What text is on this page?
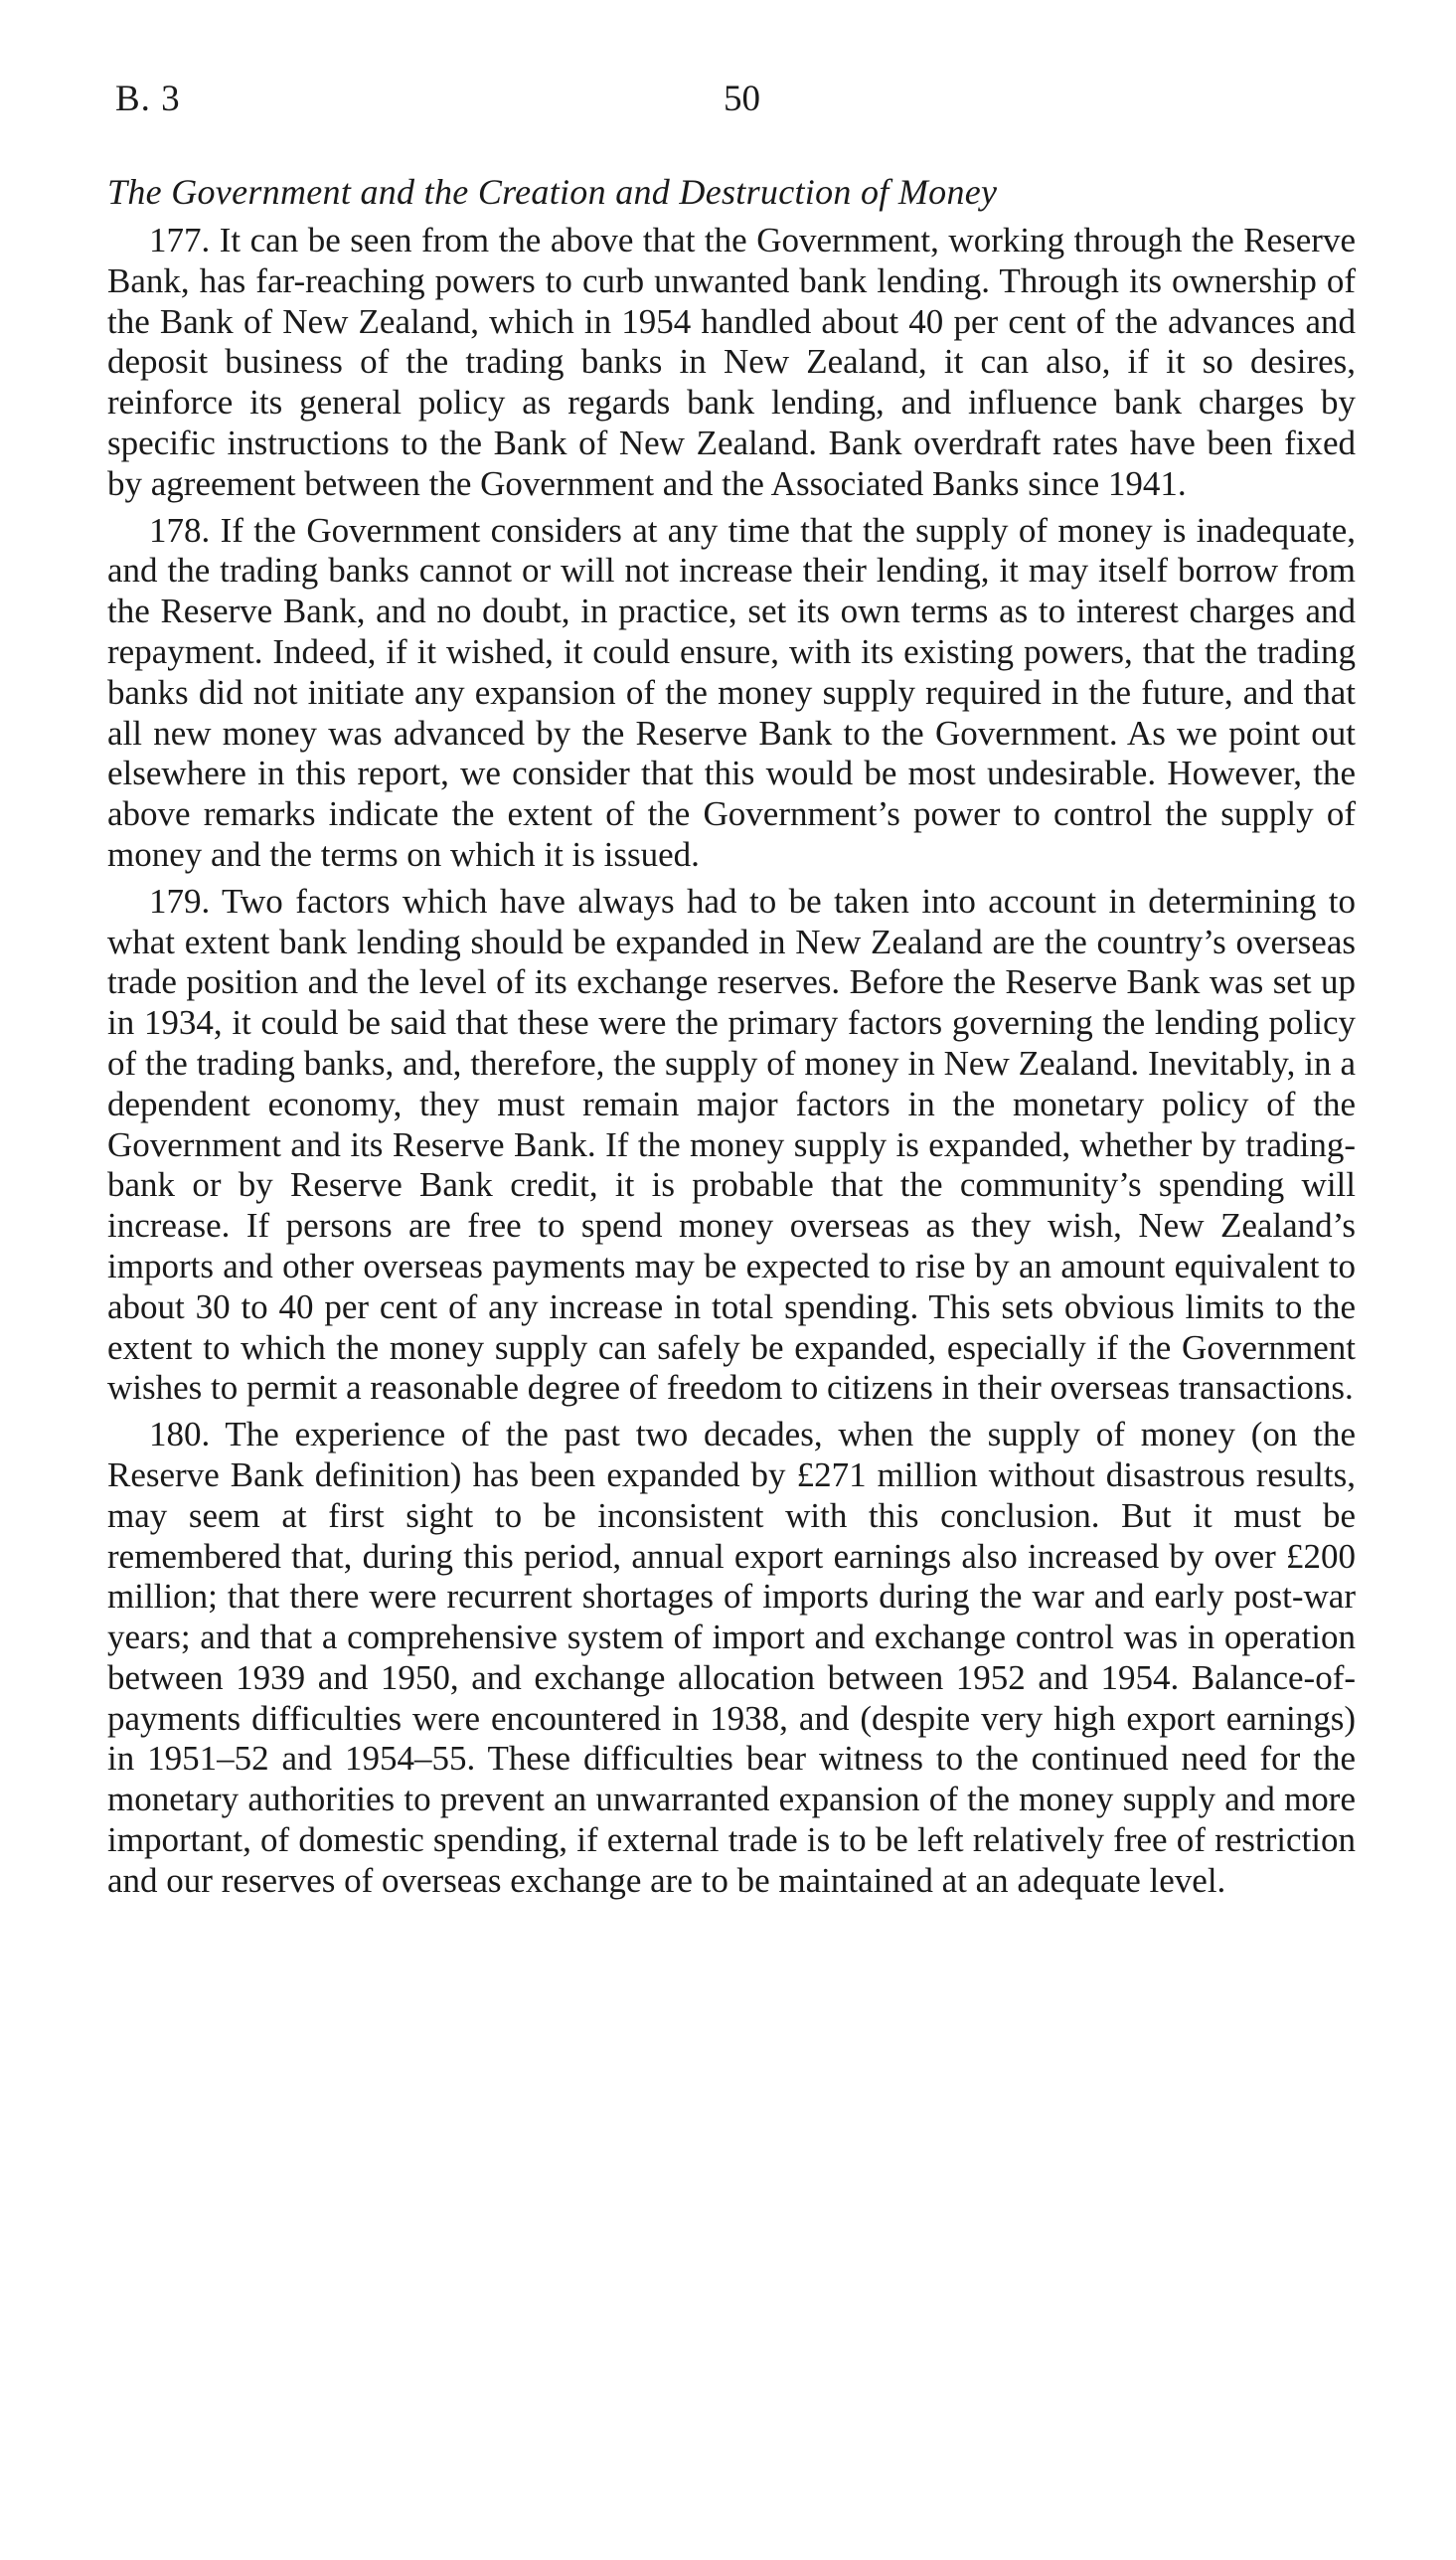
B. 3	50
The Government and the Creation and Destruction of Money

177. It can be seen from the above that the Government, working through the Reserve Bank, has far-reaching powers to curb unwanted bank lending. Through its ownership of the Bank of New Zealand, which in 1954 handled about 40 per cent of the advances and deposit business of the trading banks in New Zealand, it can also, if it so desires, reinforce its general policy as regards bank lending, and influence bank charges by specific instructions to the Bank of New Zealand. Bank overdraft rates have been fixed by agreement between the Government and the Associated Banks since 1941.

178. If the Government considers at any time that the supply of money is inadequate, and the trading banks cannot or will not increase their lending, it may itself borrow from the Reserve Bank, and no doubt, in practice, set its own terms as to interest charges and repayment. Indeed, if it wished, it could ensure, with its existing powers, that the trading banks did not initiate any expansion of the money supply required in the future, and that all new money was advanced by the Reserve Bank to the Government. As we point out elsewhere in this report, we consider that this would be most undesirable. However, the above remarks indicate the extent of the Government’s power to control the supply of money and the terms on which it is issued.

179. Two factors which have always had to be taken into account in determining to what extent bank lending should be expanded in New Zealand are the country’s overseas trade position and the level of its exchange reserves. Before the Reserve Bank was set up in 1934, it could be said that these were the primary factors governing the lending policy of the trading banks, and, therefore, the supply of money in New Zealand. Inevitably, in a dependent economy, they must remain major factors in the monetary policy of the Government and its Reserve Bank. If the money supply is expanded, whether by trading-bank or by Reserve Bank credit, it is probable that the community’s spending will increase. If persons are free to spend money overseas as they wish, New Zealand’s imports and other overseas payments may be expected to rise by an amount equivalent to about 30 to 40 per cent of any increase in total spending. This sets obvious limits to the extent to which the money supply can safely be expanded, especially if the Government wishes to permit a reasonable degree of freedom to citizens in their overseas transactions.

180. The experience of the past two decades, when the supply of money (on the Reserve Bank definition) has been expanded by £271 million without disastrous results, may seem at first sight to be inconsistent with this conclusion. But it must be remembered that, during this period, annual export earnings also increased by over £200 million; that there were recurrent shortages of imports during the war and early post-war years; and that a comprehensive system of import and exchange control was in operation between 1939 and 1950, and exchange allocation between 1952 and 1954. Balance-of-payments difficulties were encountered in 1938, and (despite very high export earnings) in 1951–52 and 1954–55. These difficulties bear witness to the continued need for the monetary authorities to prevent an unwarranted expansion of the money supply and more important, of domestic spending, if external trade is to be left relatively free of restriction and our reserves of overseas exchange are to be maintained at an adequate level.
